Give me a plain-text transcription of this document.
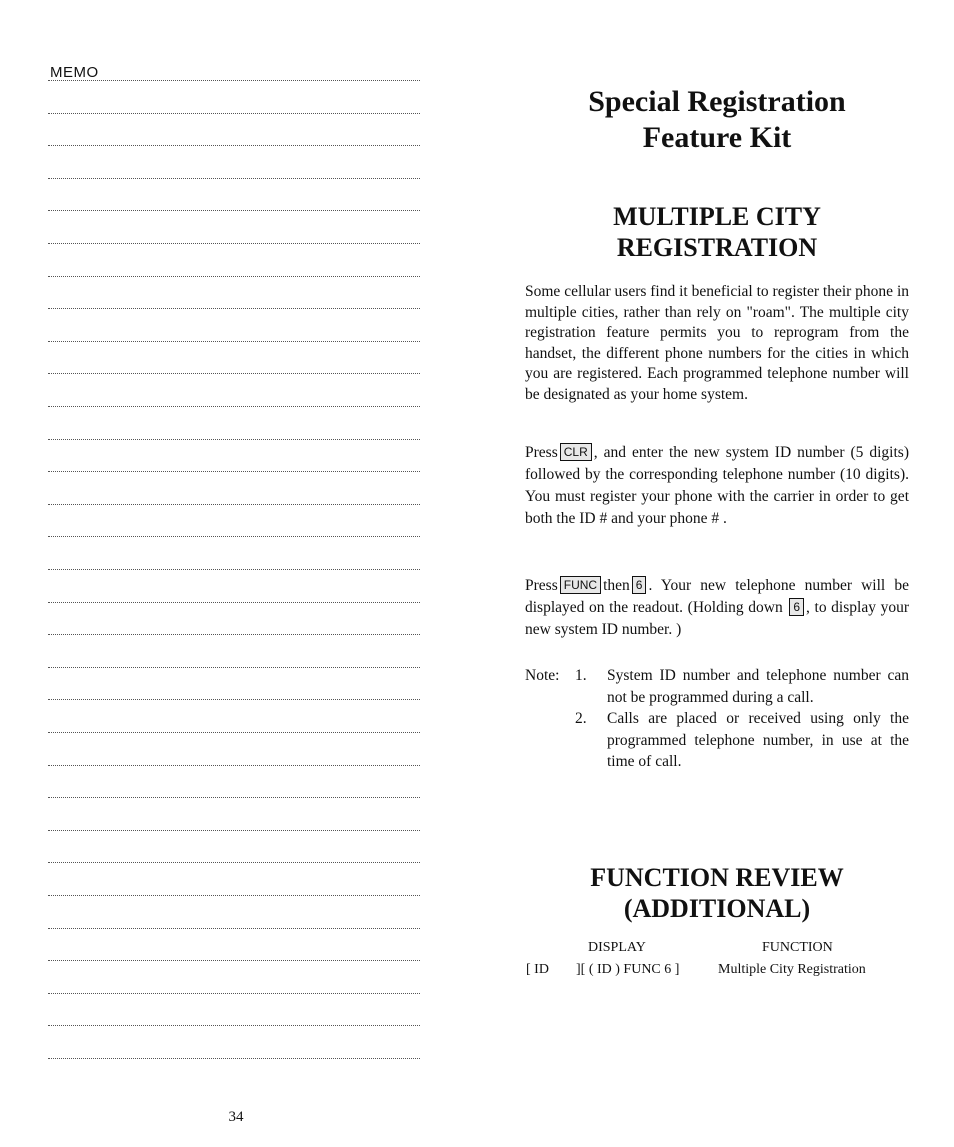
MEMO
34
Special Registration
Feature Kit
MULTIPLE CITY
REGISTRATION
Some cellular users find it beneficial to register their phone in multiple cities, rather than rely on "roam". The multiple city registration feature permits you to reprogram from the handset, the different phone numbers for the cities in which you are registered. Each programmed telephone number will be designated as your home system.
Press CLR , and enter the new system ID number (5 digits) followed by the corresponding telephone number (10 digits). You must register your phone with the carrier in order to get both the ID # and your phone # .
Press FUNC then 6 . Your new telephone number will be displayed on the readout. (Holding down 6 , to display your new system ID number. )
Note: 1. System ID number and telephone number can not be programmed during a call.
2. Calls are placed or received using only the programmed telephone number, in use at the time of call.
FUNCTION REVIEW
(ADDITIONAL)
DISPLAY	FUNCTION
[ ID ][ ( ID ) FUNC 6 ]	Multiple City Registration
